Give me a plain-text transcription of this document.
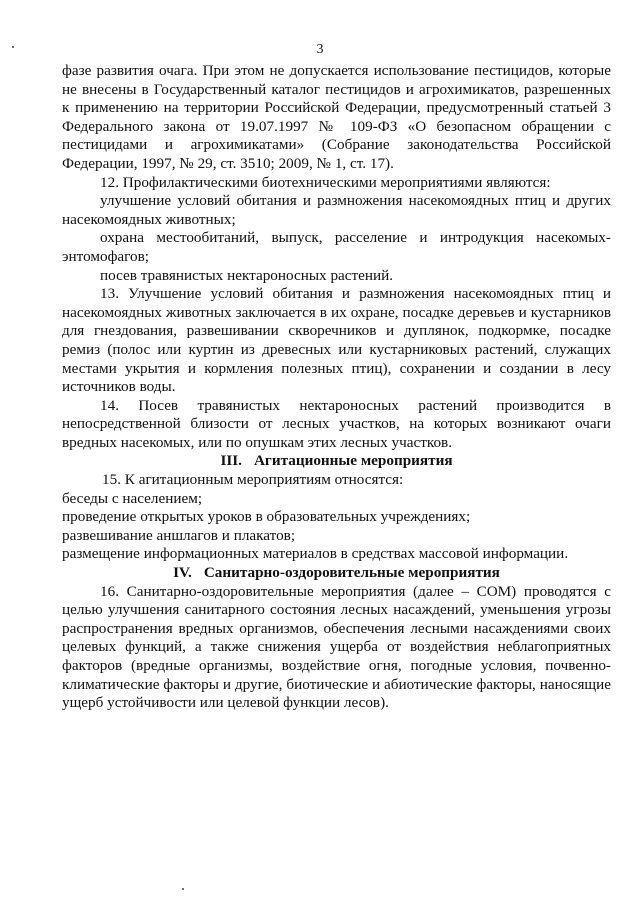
3

фазе развития очага. При этом не допускается использование пестицидов, которые не внесены в Государственный каталог пестицидов и агрохимикатов, разрешенных к применению на территории Российской Федерации, предусмотренный статьей 3 Федерального закона от 19.07.1997 № 109-ФЗ «О безопасном обращении с пестицидами и агрохимикатами» (Собрание законодательства Российской Федерации, 1997, № 29, ст. 3510; 2009, № 1, ст. 17).

12. Профилактическими биотехническими мероприятиями являются:

улучшение условий обитания и размножения насекомоядных птиц и других насекомоядных животных;

охрана местообитаний, выпуск, расселение и интродукция насекомых-энтомофагов;

посев травянистых нектароносных растений.

13. Улучшение условий обитания и размножения насекомоядных птиц и насекомоядных животных заключается в их охране, посадке деревьев и кустарников для гнездования, развешивании скворечников и дуплянок, подкормке, посадке ремиз (полос или куртин из древесных или кустарниковых растений, служащих местами укрытия и кормления полезных птиц), сохранении и создании в лесу источников воды.

14. Посев травянистых нектароносных растений производится в непосредственной близости от лесных участков, на которых возникают очаги вредных насекомых, или по опушкам этих лесных участков.

III. Агитационные мероприятия

15. К агитационным мероприятиям относятся:

беседы с населением;

проведение открытых уроков в образовательных учреждениях;

развешивание аншлагов и плакатов;

размещение информационных материалов в средствах массовой информации.

IV. Санитарно-оздоровительные мероприятия

16. Санитарно-оздоровительные мероприятия (далее – СОМ) проводятся с целью улучшения санитарного состояния лесных насаждений, уменьшения угрозы распространения вредных организмов, обеспечения лесными насаждениями своих целевых функций, а также снижения ущерба от воздействия неблагоприятных факторов (вредные организмы, воздействие огня, погодные условия, почвенно-климатические факторы и другие, биотические и абиотические факторы, наносящие ущерб устойчивости или целевой функции лесов).
